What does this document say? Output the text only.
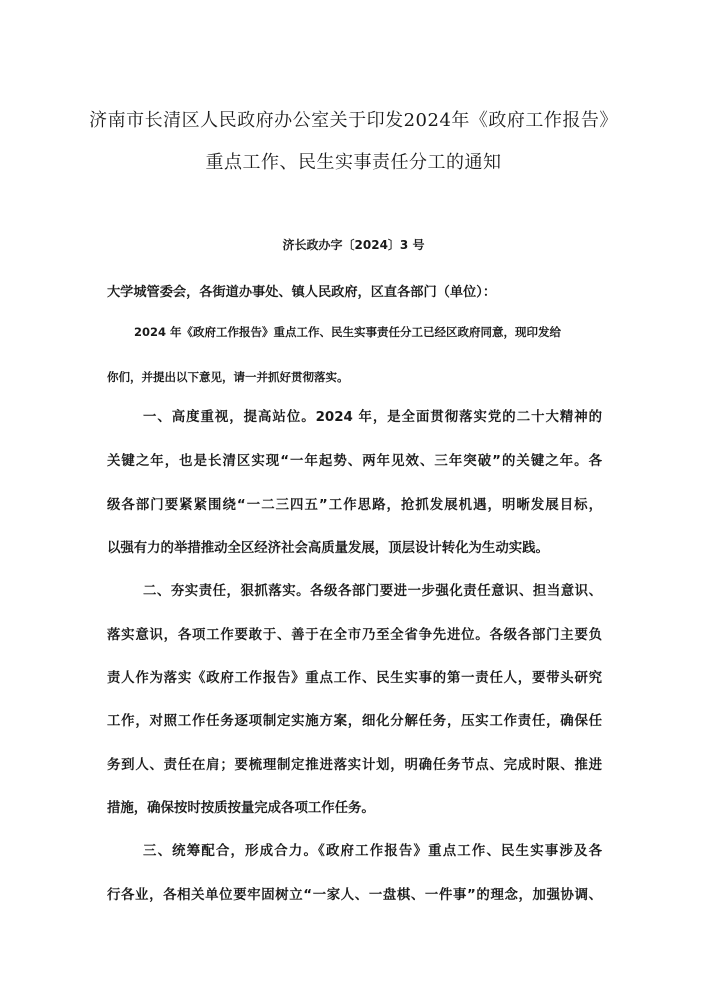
济南市长清区人民政府办公室关于印发2024年《政府工作报告》
重点工作、民生实事责任分工的通知
济长政办字〔2024〕3 号
大学城管委会，各街道办事处、镇人民政府，区直各部门（单位）：
2024 年《政府工作报告》重点工作、民生实事责任分工已经区政府同意，现印发给
你们，并提出以下意见，请一并抓好贯彻落实。
一、高度重视，提高站位。2024 年，是全面贯彻落实党的二十大精神的
关键之年，也是长清区实现“一年起势、两年见效、三年突破”的关键之年。各
级各部门要紧紧围绕“一二三四五”工作思路，抢抓发展机遇，明晰发展目标，
以强有力的举措推动全区经济社会高质量发展，顶层设计转化为生动实践。
二、夯实责任，狠抓落实。各级各部门要进一步强化责任意识、担当意识、
落实意识，各项工作要敢于、善于在全市乃至全省争先进位。各级各部门主要负
责人作为落实《政府工作报告》重点工作、民生实事的第一责任人，要带头研究
工作，对照工作任务逐项制定实施方案，细化分解任务，压实工作责任，确保任
务到人、责任在肩；要梳理制定推进落实计划，明确任务节点、完成时限、推进
措施，确保按时按质按量完成各项工作任务。
三、统筹配合，形成合力。《政府工作报告》重点工作、民生实事涉及各
行各业，各相关单位要牢固树立“一家人、一盘棋、一件事”的理念，加强协调、
